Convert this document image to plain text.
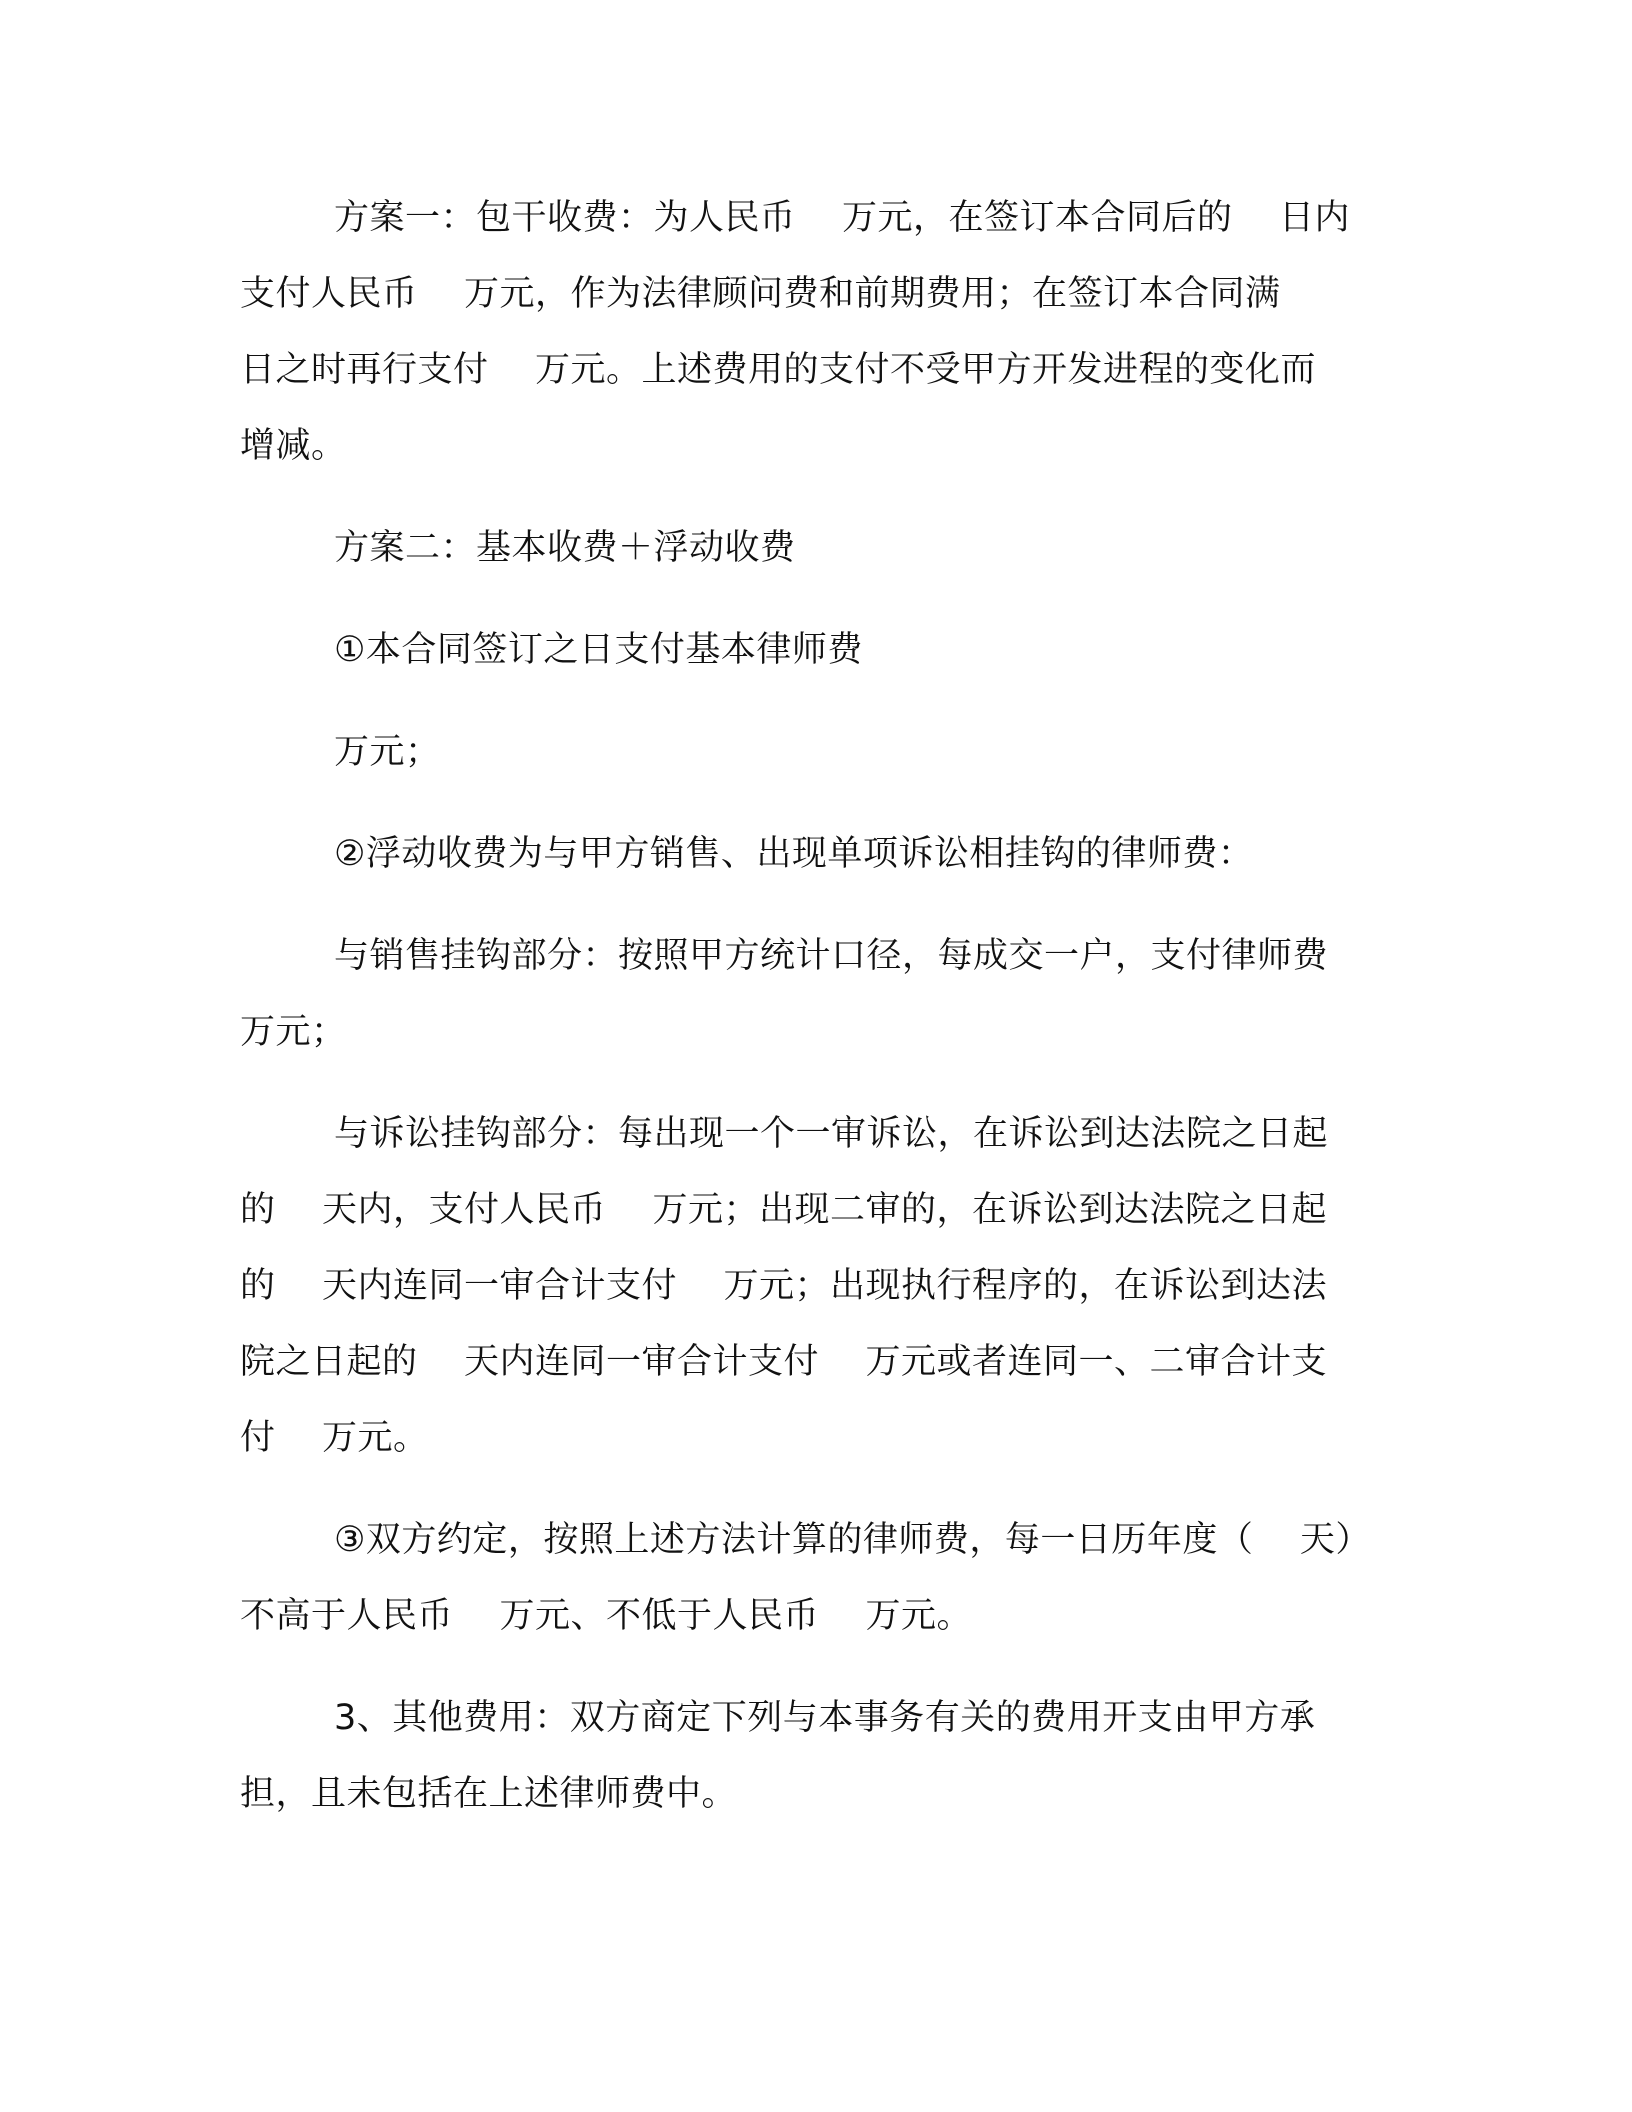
方案一：包干收费：为人民币    万元，在签订本合同后的    日内

支付人民币    万元，作为法律顾问费和前期费用；在签订本合同满

日之时再行支付    万元。上述费用的支付不受甲方开发进程的变化而

增减。

方案二：基本收费＋浮动收费

①本合同签订之日支付基本律师费

万元；

②浮动收费为与甲方销售、出现单项诉讼相挂钩的律师费：

与销售挂钩部分：按照甲方统计口径，每成交一户，支付律师费

万元；

与诉讼挂钩部分：每出现一个一审诉讼，在诉讼到达法院之日起

的    天内，支付人民币    万元；出现二审的，在诉讼到达法院之日起

的    天内连同一审合计支付    万元；出现执行程序的，在诉讼到达法

院之日起的    天内连同一审合计支付    万元或者连同一、二审合计支

付    万元。

③双方约定，按照上述方法计算的律师费，每一日历年度（    天）

不高于人民币    万元、不低于人民币    万元。

3、其他费用：双方商定下列与本事务有关的费用开支由甲方承

担，且未包括在上述律师费中。
